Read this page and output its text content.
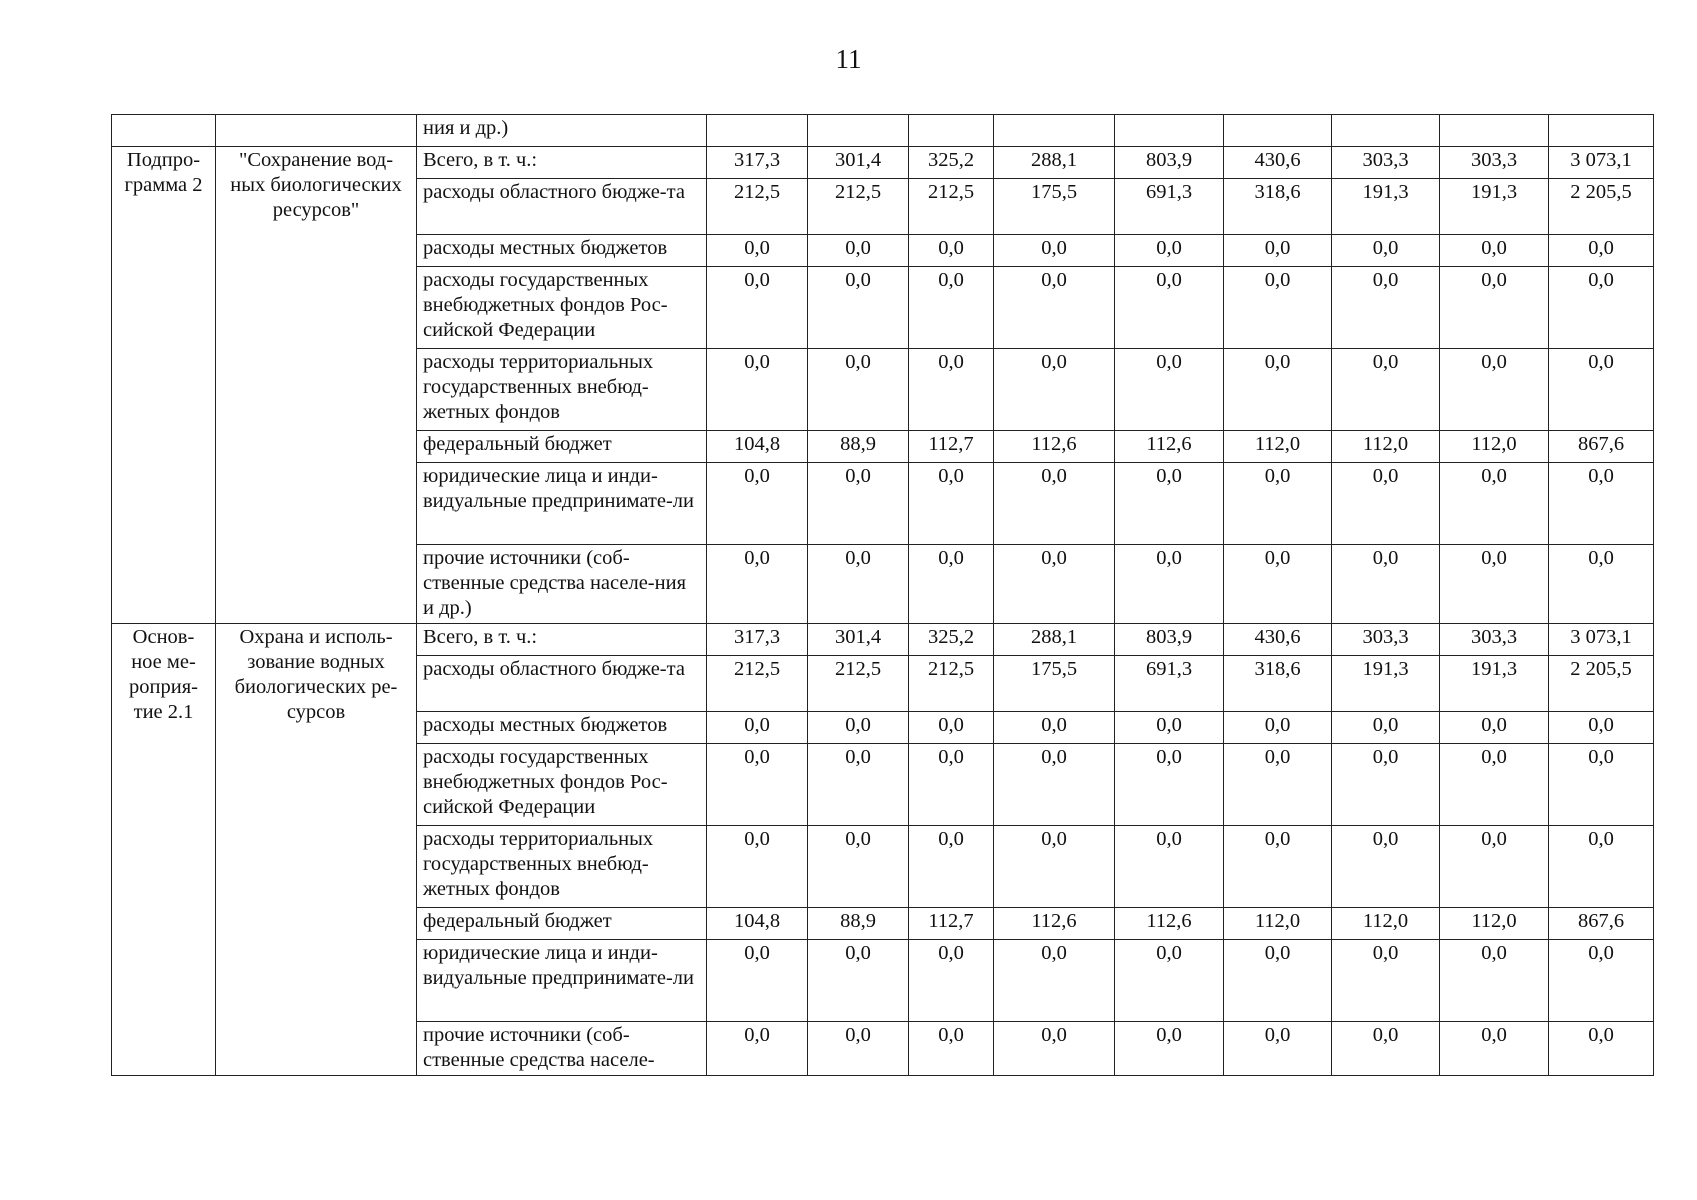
11
		ния и др.)									
Подпро-грамма 2	"Сохранение вод-ных биологических ресурсов"	Всего, в т. ч.:	317,3	301,4	325,2	288,1	803,9	430,6	303,3	303,3	3 073,1
		расходы областного бюдже-та	212,5	212,5	212,5	175,5	691,3	318,6	191,3	191,3	2 205,5
		расходы местных бюджетов	0,0	0,0	0,0	0,0	0,0	0,0	0,0	0,0	0,0
		расходы государственных внебюджетных фондов Рос-сийской Федерации	0,0	0,0	0,0	0,0	0,0	0,0	0,0	0,0	0,0
		расходы территориальных государственных внебюд-жетных фондов	0,0	0,0	0,0	0,0	0,0	0,0	0,0	0,0	0,0
		федеральный бюджет	104,8	88,9	112,7	112,6	112,6	112,0	112,0	112,0	867,6
		юридические лица и инди-видуальные предпринимате-ли	0,0	0,0	0,0	0,0	0,0	0,0	0,0	0,0	0,0
		прочие источники (соб-ственные средства населе-ния и др.)	0,0	0,0	0,0	0,0	0,0	0,0	0,0	0,0	0,0
Основ-ное ме-роприя-тие 2.1	Охрана и исполь-зование водных биологических ре-сурсов	Всего, в т. ч.:	317,3	301,4	325,2	288,1	803,9	430,6	303,3	303,3	3 073,1
		расходы областного бюдже-та	212,5	212,5	212,5	175,5	691,3	318,6	191,3	191,3	2 205,5
		расходы местных бюджетов	0,0	0,0	0,0	0,0	0,0	0,0	0,0	0,0	0,0
		расходы государственных внебюджетных фондов Рос-сийской Федерации	0,0	0,0	0,0	0,0	0,0	0,0	0,0	0,0	0,0
		расходы территориальных государственных внебюд-жетных фондов	0,0	0,0	0,0	0,0	0,0	0,0	0,0	0,0	0,0
		федеральный бюджет	104,8	88,9	112,7	112,6	112,6	112,0	112,0	112,0	867,6
		юридические лица и инди-видуальные предпринимате-ли	0,0	0,0	0,0	0,0	0,0	0,0	0,0	0,0	0,0
		прочие источники (соб-ственные средства населе-	0,0	0,0	0,0	0,0	0,0	0,0	0,0	0,0	0,0
